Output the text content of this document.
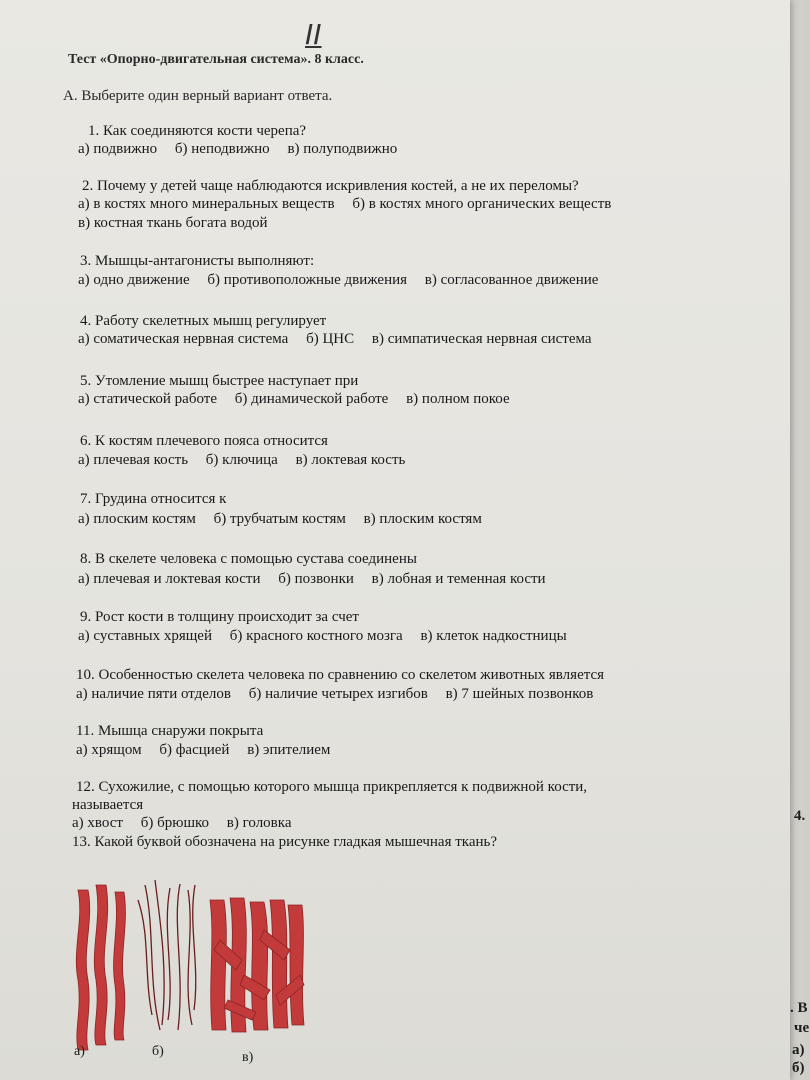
4.
. В
че
а)
б)
II
Тест «Опорно-двигательная система». 8 класс.
А. Выберите один верный вариант ответа.
1. Как соединяются кости черепа?
а) подвижно б) неподвижно в) полуподвижно
2. Почему у детей чаще наблюдаются искривления костей, а не их переломы?
а) в костях много минеральных веществ б) в костях много органических веществ
в) костная ткань богата водой
3. Мышцы-антагонисты выполняют:
а) одно движение б) противоположные движения в) согласованное движение
4. Работу скелетных мышц регулирует
а) соматическая нервная система б) ЦНС в) симпатическая нервная система
5. Утомление мышц быстрее наступает при
а) статической работе б) динамической работе в) полном покое
6. К костям плечевого пояса относится
а) плечевая кость б) ключица в) локтевая кость
7. Грудина относится к
а) плоским костям б) трубчатым костям в) плоским костям
8. В скелете человека с помощью сустава соединены
а) плечевая и локтевая кости б) позвонки в) лобная и теменная кости
9. Рост кости в толщину происходит за счет
а) суставных хрящей б) красного костного мозга в) клеток надкостницы
10. Особенностью скелета человека по сравнению со скелетом животных является
а) наличие пяти отделов б) наличие четырех изгибов в) 7 шейных позвонков
11. Мышца снаружи покрыта
а) хрящом б) фасцией в) эпителием
12. Сухожилие, с помощью которого мышца прикрепляется к подвижной кости,
называется
а) хвост б) брюшко в) головка
13. Какой буквой обозначена на рисунке гладкая мышечная ткань?
а)	б)	в)
